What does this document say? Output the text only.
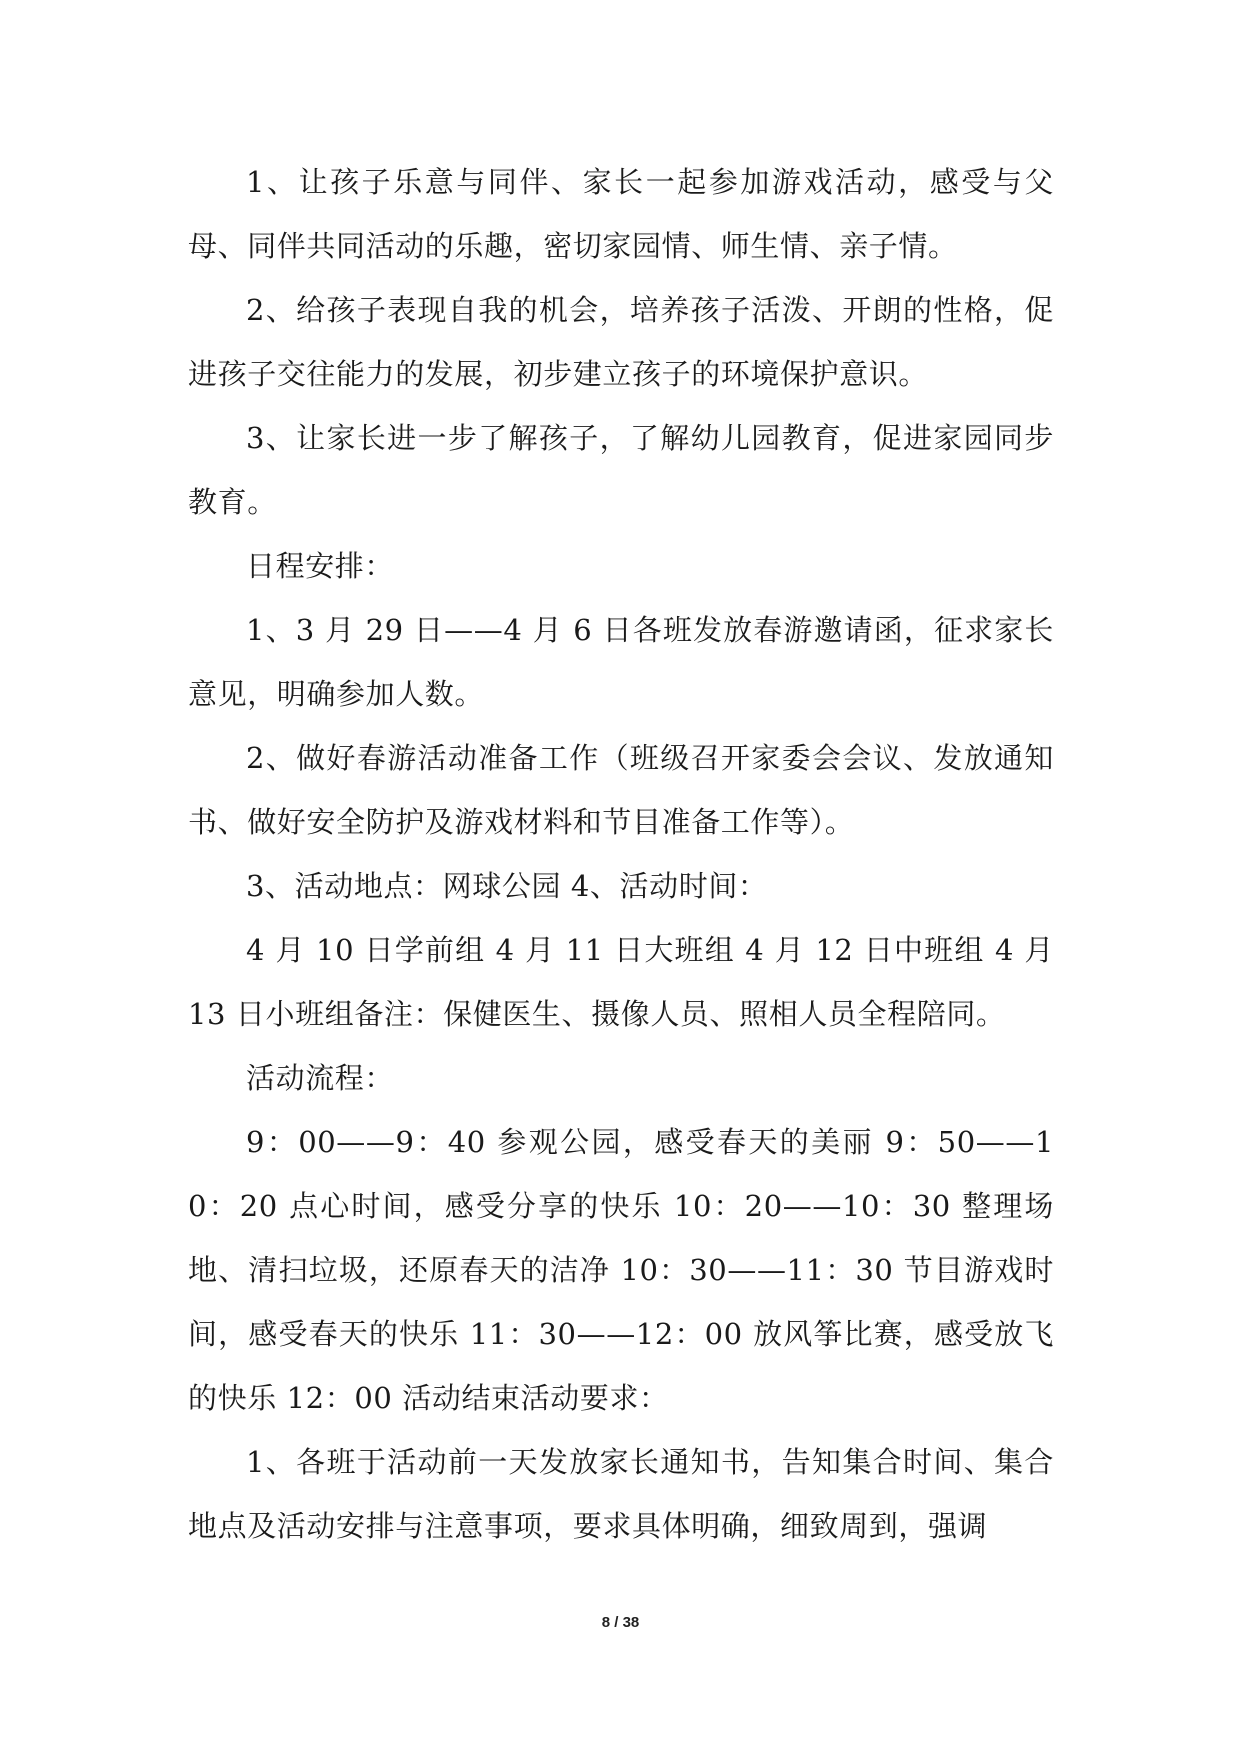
1、让孩子乐意与同伴、家长一起参加游戏活动，感受与父母、同伴共同活动的乐趣，密切家园情、师生情、亲子情。

2、给孩子表现自我的机会，培养孩子活泼、开朗的性格，促进孩子交往能力的发展，初步建立孩子的环境保护意识。

3、让家长进一步了解孩子，了解幼儿园教育，促进家园同步教育。

日程安排：

1、3 月 29 日——4 月 6 日各班发放春游邀请函，征求家长意见，明确参加人数。

2、做好春游活动准备工作（班级召开家委会会议、发放通知书、做好安全防护及游戏材料和节目准备工作等）。

3、活动地点：网球公园 4、活动时间：

4 月 10 日学前组 4 月 11 日大班组 4 月 12 日中班组 4 月 13 日小班组备注：保健医生、摄像人员、照相人员全程陪同。

活动流程：

9：00——9：40 参观公园，感受春天的美丽 9：50——10：20 点心时间，感受分享的快乐 10：20——10：30 整理场地、清扫垃圾，还原春天的洁净 10：30——11：30 节目游戏时间，感受春天的快乐 11：30——12：00 放风筝比赛，感受放飞的快乐 12：00 活动结束活动要求：

1、各班于活动前一天发放家长通知书，告知集合时间、集合地点及活动安排与注意事项，要求具体明确，细致周到，强调

8 / 38
